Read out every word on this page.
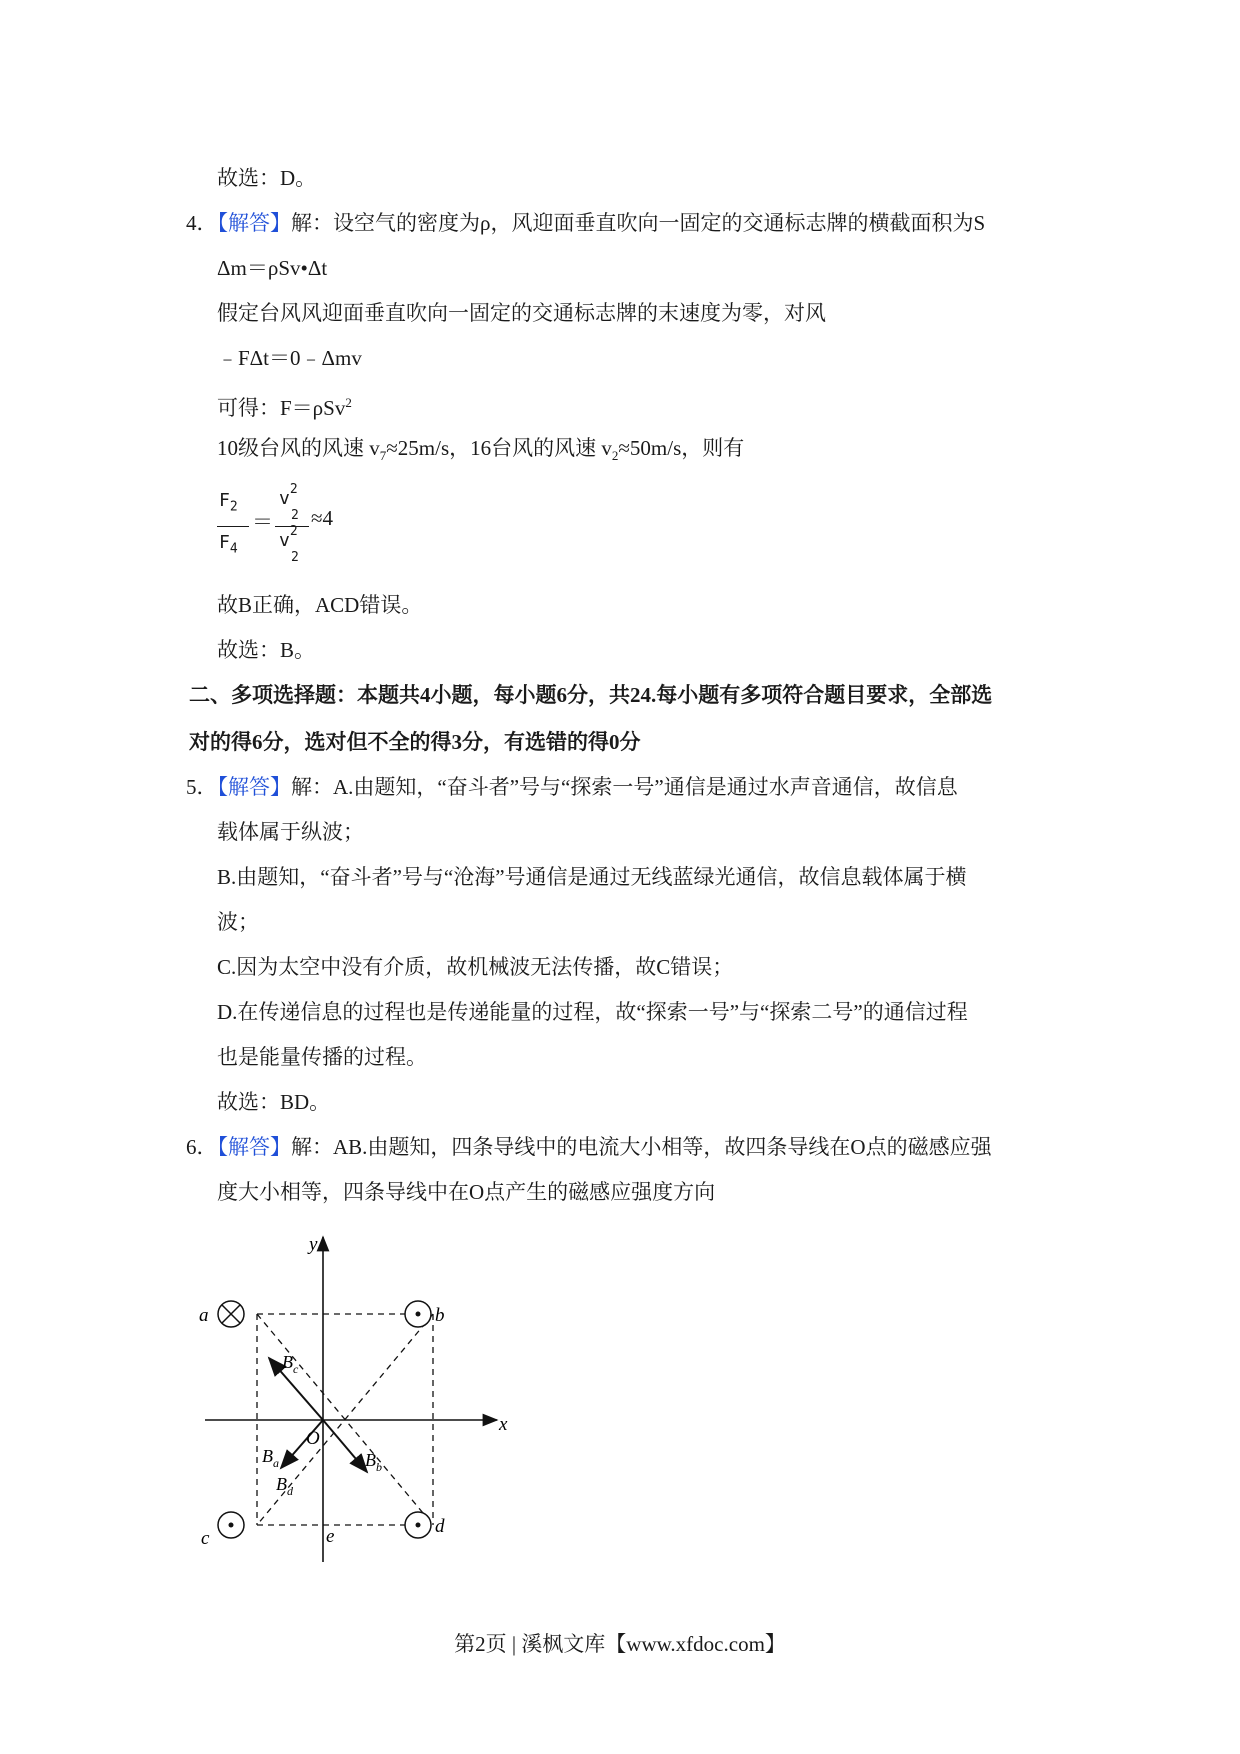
故选：D。
4．【解答】解：设空气的密度为ρ，风迎面垂直吹向一固定的交通标志牌的横截面积为S
Δm＝ρSv•Δt
假定台风风迎面垂直吹向一固定的交通标志牌的末速度为零，对风
﹣FΔt＝0﹣Δmv
可得：F＝ρSv$^2$
10级台风的风速 $v_7\approx 25m/s$，16台风的风速 $v_2\approx 50m/s$，则有
$F_2$
$F_4$
＝
$v^2$
2
$v^2$
2
≈4
故B正确，ACD错误。
故选：B。
二、多项选择题：本题共4小题，每小题6分，共24.每小题有多项符合题目要求，全部选
对的得6分，选对但不全的得3分，有选错的得0分
5．【解答】解：A.由题知，“奋斗者”号与“探索一号”通信是通过水声音通信，故信息
载体属于纵波；
B.由题知，“奋斗者”号与“沧海”号通信是通过无线蓝绿光通信，故信息载体属于横
波；
C.因为太空中没有介质，故机械波无法传播，故C错误；
D.在传递信息的过程也是传递能量的过程，故“探索一号”与“探索二号”的通信过程
也是能量传播的过程。
故选：BD。
6．【解答】解：AB.由题知，四条导线中的电流大小相等，故四条导线在O点的磁感应强
度大小相等，四条导线中在O点产生的磁感应强度方向
y
x
O
a	b
c
d
e
$B_c$
$B_b$
$B_a$
$B_d$
第2页 | 溪枫文库【www.xfdoc.com】
